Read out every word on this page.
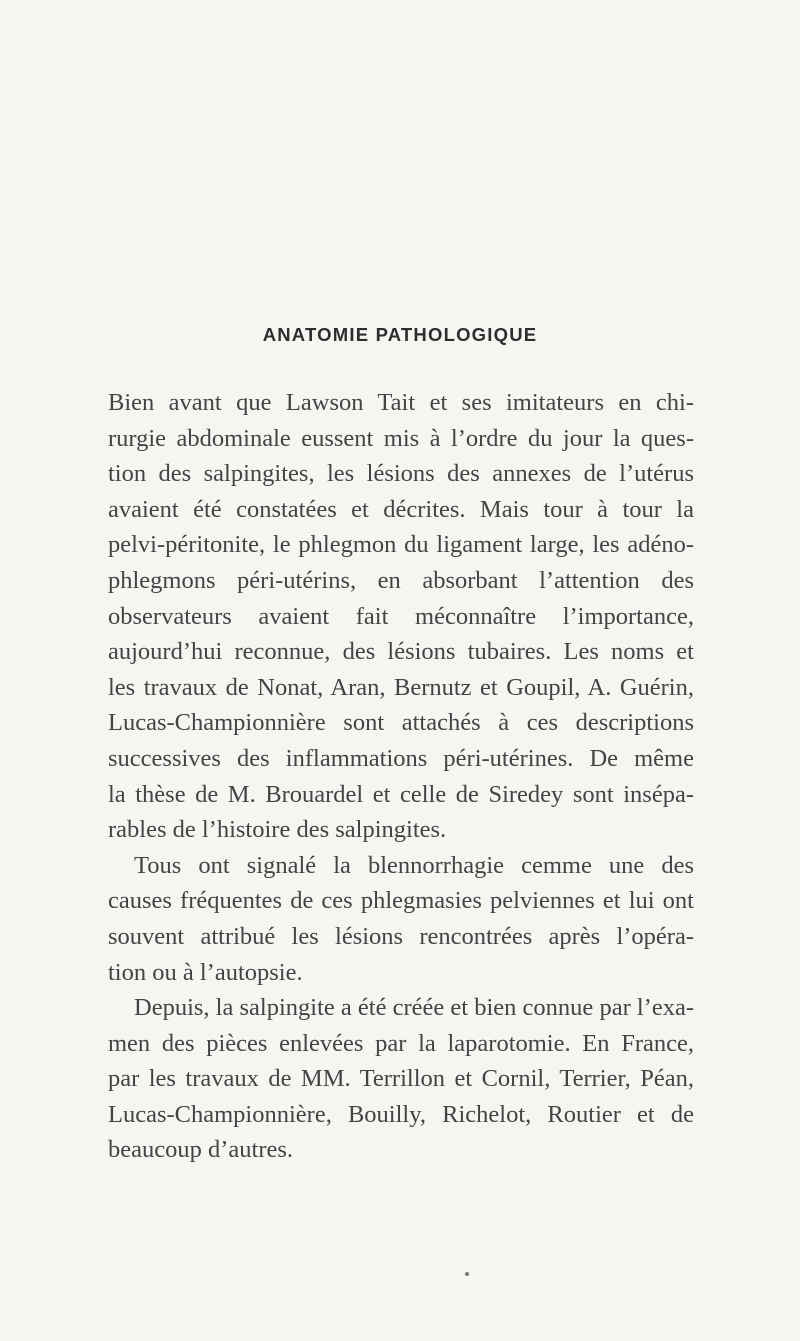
ANATOMIE PATHOLOGIQUE
Bien avant que Lawson Tait et ses imitateurs en chi-
rurgie abdominale eussent mis à l’ordre du jour la ques-
tion des salpingites, les lésions des annexes de l’utérus
avaient été constatées et décrites. Mais tour à tour la
pelvi-péritonite, le phlegmon du ligament large, les adéno-
phlegmons péri-utérins, en absorbant l’attention des
observateurs avaient fait méconnaître l’importance,
aujourd’hui reconnue, des lésions tubaires. Les noms et
les travaux de Nonat, Aran, Bernutz et Goupil, A. Guérin,
Lucas-Championnière sont attachés à ces descriptions
successives des inflammations péri-utérines. De même
la thèse de M. Brouardel et celle de Siredey sont insépa-
rables de l’histoire des salpingites.
Tous ont signalé la blennorrhagie cemme une des
causes fréquentes de ces phlegmasies pelviennes et lui ont
souvent attribué les lésions rencontrées après l’opéra-
tion ou à l’autopsie.
Depuis, la salpingite a été créée et bien connue par l’exa-
men des pièces enlevées par la laparotomie. En France,
par les travaux de MM. Terrillon et Cornil, Terrier, Péan,
Lucas-Championnière, Bouilly, Richelot, Routier et de
beaucoup d’autres.
